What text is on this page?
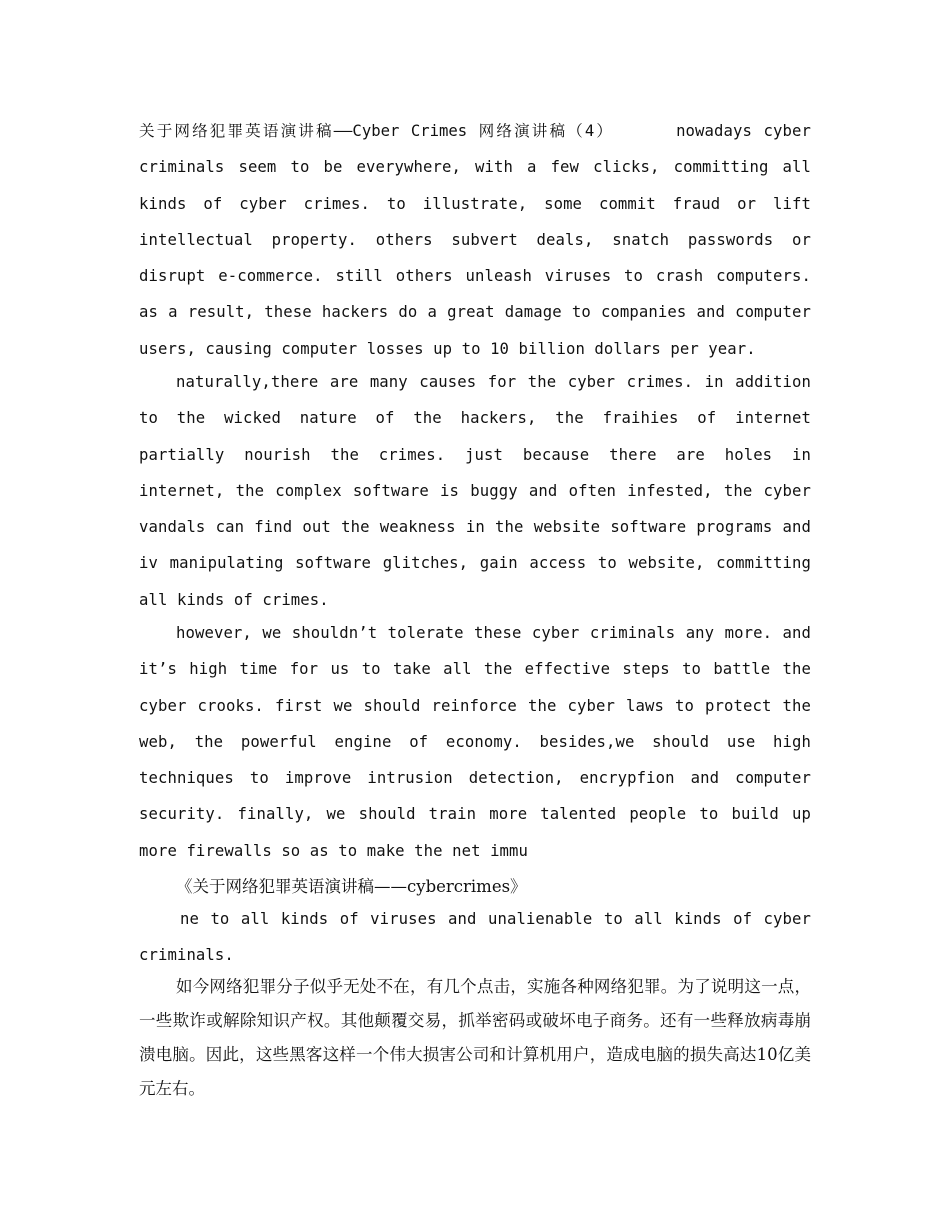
关于网络犯罪英语演讲稿——Cyber Crimes 网络演讲稿（4）	nowadays cyber criminals seem to be everywhere, with a few clicks, committing all kinds of cyber crimes. to illustrate, some commit fraud or lift intellectual property. others subvert deals, snatch passwords or disrupt e-commerce. still others unleash viruses to crash computers. as a result, these hackers do a great damage to companies and computer users, causing computer losses up to 10 billion dollars per year.

naturally,there are many causes for the cyber crimes. in addition to the wicked nature of the hackers, the fraihies of internet partially nourish the crimes. just because there are holes in internet, the complex software is buggy and often infested, the cyber vandals can find out the weakness in the website software programs and iv manipulating software glitches, gain access to website, committing all kinds of crimes.

however, we shouldn’t tolerate these cyber criminals any more. and it’s high time for us to take all the effective steps to battle the cyber crooks. first we should reinforce the cyber laws to protect the web, the powerful engine of economy. besides,we should use high techniques to improve intrusion detection, encrypfion and computer security. finally, we should train more talented people to build up more firewalls so as to make the net immu

《关于网络犯罪英语演讲稿——cybercrimes》

ne to all kinds of viruses and unalienable to all kinds of cyber criminals.

如今网络犯罪分子似乎无处不在，有几个点击，实施各种网络犯罪。为了说明这一点，一些欺诈或解除知识产权。其他颠覆交易，抓举密码或破坏电子商务。还有一些释放病毒崩溃电脑。因此，这些黑客这样一个伟大损害公司和计算机用户，造成电脑的损失高达10亿美元左右。
